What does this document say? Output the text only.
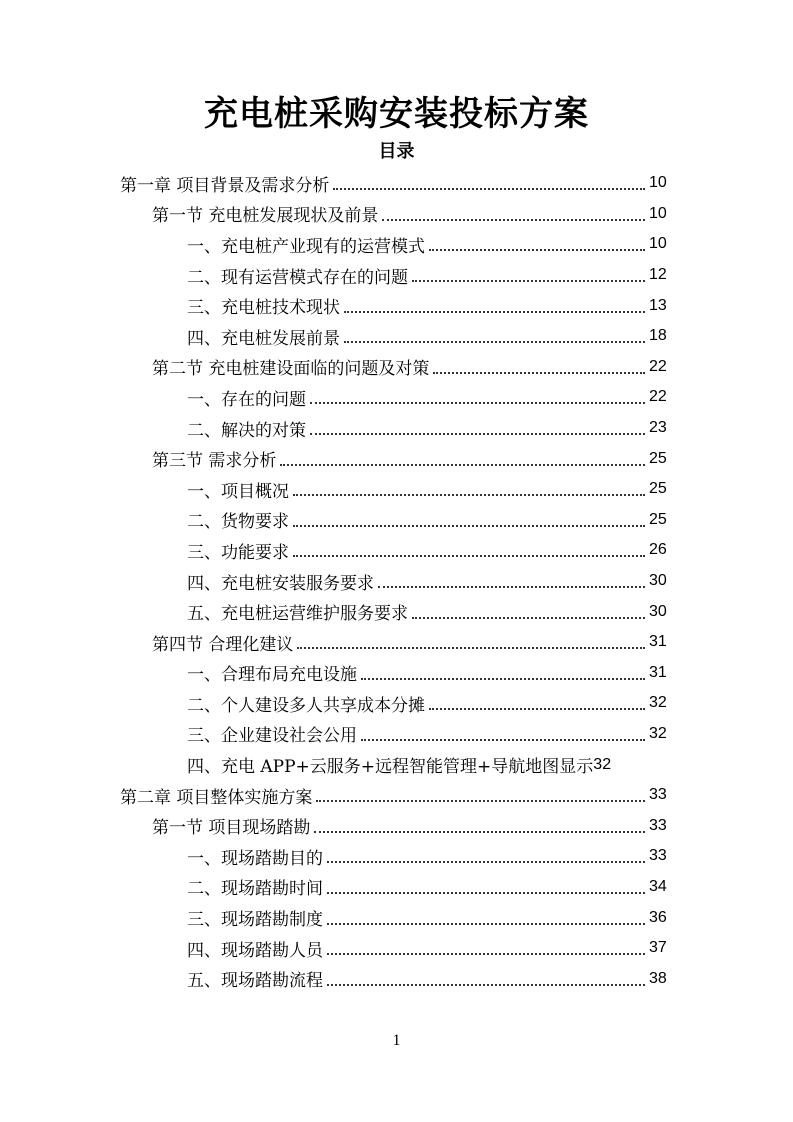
充电桩采购安装投标方案
目录
第一章 项目背景及需求分析	10
第一节 充电桩发展现状及前景	10
一、充电桩产业现有的运营模式	10
二、现有运营模式存在的问题	12
三、充电桩技术现状	13
四、充电桩发展前景	18
第二节 充电桩建设面临的问题及对策	22
一、存在的问题	22
二、解决的对策	23
第三节 需求分析	25
一、项目概况	25
二、货物要求	25
三、功能要求	26
四、充电桩安装服务要求	30
五、充电桩运营维护服务要求	30
第四节 合理化建议	31
一、合理布局充电设施	31
二、个人建设多人共享成本分摊	32
三、企业建设社会公用	32
四、充电 APP+云服务+远程智能管理+导航地图显示 32
第二章 项目整体实施方案	33
第一节 项目现场踏勘	33
一、现场踏勘目的	33
二、现场踏勘时间	34
三、现场踏勘制度	36
四、现场踏勘人员	37
五、现场踏勘流程	38
1
